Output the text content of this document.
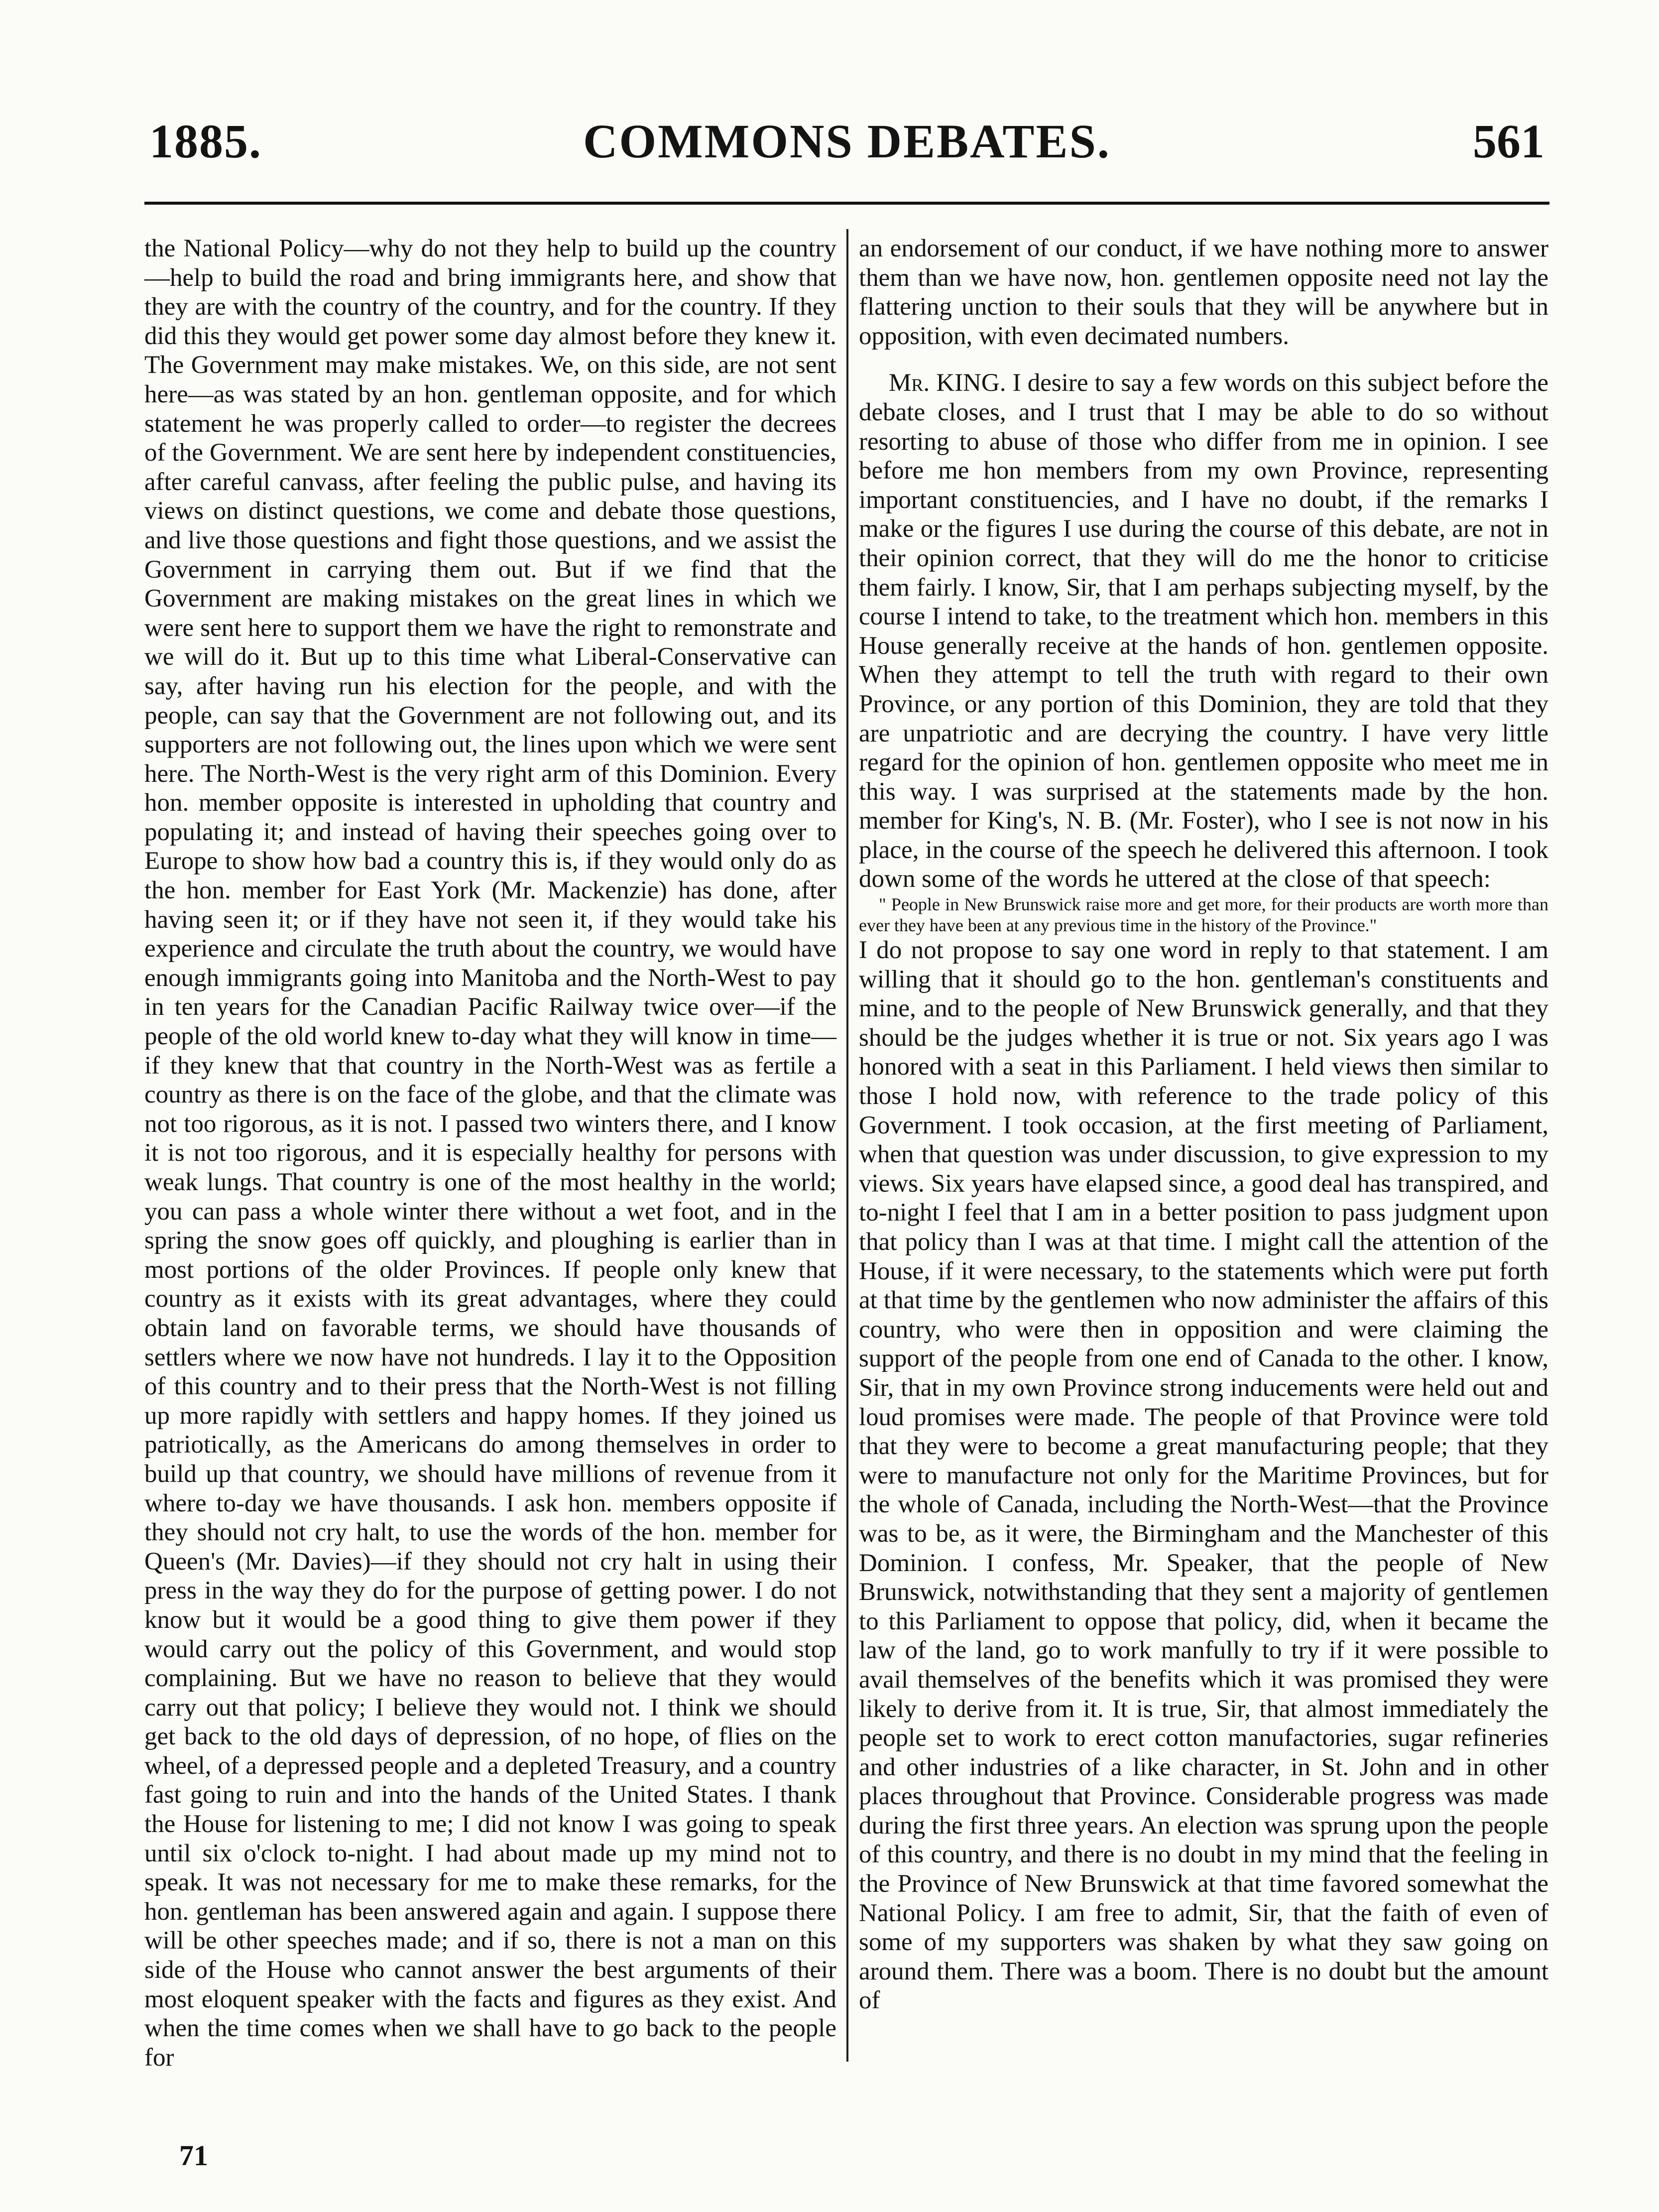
1885.	COMMONS DEBATES.	561

the National Policy—why do not they help to build up the country—help to build the road and bring immigrants here, and show that they are with the country of the country, and for the country. If they did this they would get power some day almost before they knew it. The Government may make mistakes. We, on this side, are not sent here—as was stated by an hon. gentleman opposite, and for which statement he was properly called to order—to register the decrees of the Government. We are sent here by independent constituencies, after careful canvass, after feeling the public pulse, and having its views on distinct questions, we come and debate those questions, and live those questions and fight those questions, and we assist the Government in carrying them out. But if we find that the Government are making mistakes on the great lines in which we were sent here to support them we have the right to remonstrate and we will do it. But up to this time what Liberal-Conservative can say, after having run his election for the people, and with the people, can say that the Government are not following out, and its supporters are not following out, the lines upon which we were sent here. The North-West is the very right arm of this Dominion. Every hon. member opposite is interested in upholding that country and populating it; and instead of having their speeches going over to Europe to show how bad a country this is, if they would only do as the hon. member for East York (Mr. Mackenzie) has done, after having seen it; or if they have not seen it, if they would take his experience and circulate the truth about the country, we would have enough immigrants going into Manitoba and the North-West to pay in ten years for the Canadian Pacific Railway twice over—if the people of the old world knew to-day what they will know in time—if they knew that that country in the North-West was as fertile a country as there is on the face of the globe, and that the climate was not too rigorous, as it is not. I passed two winters there, and I know it is not too rigorous, and it is especially healthy for persons with weak lungs. That country is one of the most healthy in the world; you can pass a whole winter there without a wet foot, and in the spring the snow goes off quickly, and ploughing is earlier than in most portions of the older Provinces. If people only knew that country as it exists with its great advantages, where they could obtain land on favorable terms, we should have thousands of settlers where we now have not hundreds. I lay it to the Opposition of this country and to their press that the North-West is not filling up more rapidly with settlers and happy homes. If they joined us patriotically, as the Americans do among themselves in order to build up that country, we should have millions of revenue from it where to-day we have thousands. I ask hon. members opposite if they should not cry halt, to use the words of the hon. member for Queen's (Mr. Davies)—if they should not cry halt in using their press in the way they do for the purpose of getting power. I do not know but it would be a good thing to give them power if they would carry out the policy of this Government, and would stop complaining. But we have no reason to believe that they would carry out that policy; I believe they would not. I think we should get back to the old days of depression, of no hope, of flies on the wheel, of a depressed people and a depleted Treasury, and a country fast going to ruin and into the hands of the United States. I thank the House for listening to me; I did not know I was going to speak until six o'clock to-night. I had about made up my mind not to speak. It was not necessary for me to make these remarks, for the hon. gentleman has been answered again and again. I suppose there will be other speeches made; and if so, there is not a man on this side of the House who cannot answer the best arguments of their most eloquent speaker with the facts and figures as they exist. And when the time comes when we shall have to go back to the people for

an endorsement of our conduct, if we have nothing more to answer them than we have now, hon. gentlemen opposite need not lay the flattering unction to their souls that they will be anywhere but in opposition, with even decimated numbers.

Mr. KING. I desire to say a few words on this subject before the debate closes, and I trust that I may be able to do so without resorting to abuse of those who differ from me in opinion. I see before me hon members from my own Province, representing important constituencies, and I have no doubt, if the remarks I make or the figures I use during the course of this debate, are not in their opinion correct, that they will do me the honor to criticise them fairly. I know, Sir, that I am perhaps subjecting myself, by the course I intend to take, to the treatment which hon. members in this House generally receive at the hands of hon. gentlemen opposite. When they attempt to tell the truth with regard to their own Province, or any portion of this Dominion, they are told that they are unpatriotic and are decrying the country. I have very little regard for the opinion of hon. gentlemen opposite who meet me in this way. I was surprised at the statements made by the hon. member for King's, N. B. (Mr. Foster), who I see is not now in his place, in the course of the speech he delivered this afternoon. I took down some of the words he uttered at the close of that speech:

" People in New Brunswick raise more and get more, for their products are worth more than ever they have been at any previous time in the history of the Province."

I do not propose to say one word in reply to that statement. I am willing that it should go to the hon. gentleman's constituents and mine, and to the people of New Brunswick generally, and that they should be the judges whether it is true or not. Six years ago I was honored with a seat in this Parliament. I held views then similar to those I hold now, with reference to the trade policy of this Government. I took occasion, at the first meeting of Parliament, when that question was under discussion, to give expression to my views. Six years have elapsed since, a good deal has transpired, and to-night I feel that I am in a better position to pass judgment upon that policy than I was at that time. I might call the attention of the House, if it were necessary, to the statements which were put forth at that time by the gentlemen who now administer the affairs of this country, who were then in opposition and were claiming the support of the people from one end of Canada to the other. I know, Sir, that in my own Province strong inducements were held out and loud promises were made. The people of that Province were told that they were to become a great manufacturing people; that they were to manufacture not only for the Maritime Provinces, but for the whole of Canada, including the North-West—that the Province was to be, as it were, the Birmingham and the Manchester of this Dominion. I confess, Mr. Speaker, that the people of New Brunswick, notwithstanding that they sent a majority of gentlemen to this Parliament to oppose that policy, did, when it became the law of the land, go to work manfully to try if it were possible to avail themselves of the benefits which it was promised they were likely to derive from it. It is true, Sir, that almost immediately the people set to work to erect cotton manufactories, sugar refineries and other industries of a like character, in St. John and in other places throughout that Province. Considerable progress was made during the first three years. An election was sprung upon the people of this country, and there is no doubt in my mind that the feeling in the Province of New Brunswick at that time favored somewhat the National Policy. I am free to admit, Sir, that the faith of even of some of my supporters was shaken by what they saw going on around them. There was a boom. There is no doubt but the amount of

71
